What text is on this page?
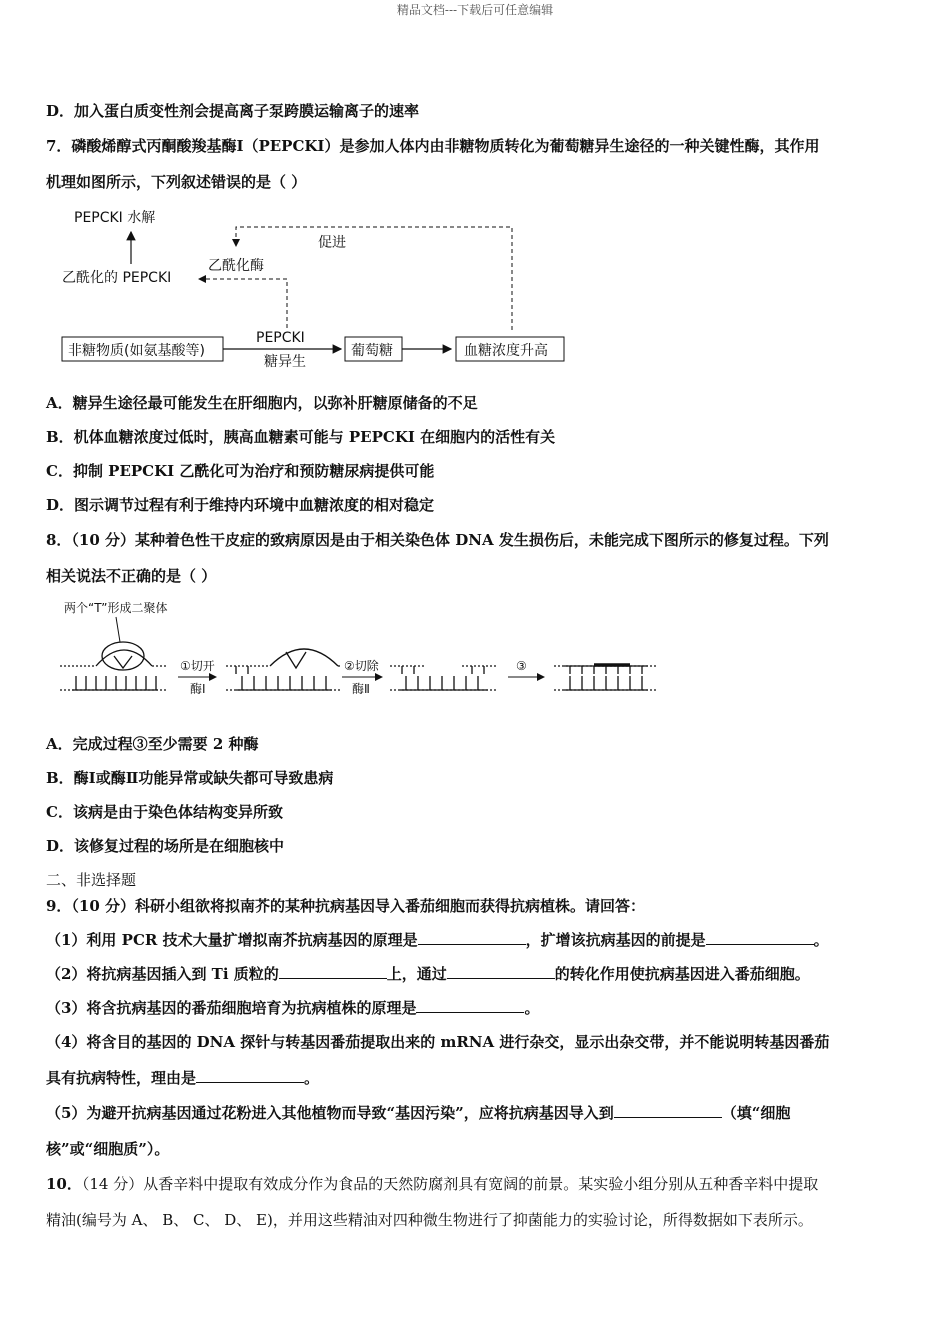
精品文档---下载后可任意编辑
D．加入蛋白质变性剂会提高离子泵跨膜运输离子的速率
7．磷酸烯醇式丙酮酸羧基酶Ⅰ（PEPCKI）是参加人体内由非糖物质转化为葡萄糖异生途径的一种关键性酶，其作用
机理如图所示，下列叙述错误的是（ ）
PEPCKI 水解
乙酰化的 PEPCKI
乙酰化酶
促进
非糖物质(如氨基酸等)
PEPCKI
糖异生
葡萄糖	血糖浓度升高
A．糖异生途径最可能发生在肝细胞内，以弥补肝糖原储备的不足
B．机体血糖浓度过低时，胰高血糖素可能与 PEPCKI 在细胞内的活性有关
C．抑制 PEPCKI 乙酰化可为治疗和预防糖尿病提供可能
D．图示调节过程有利于维持内环境中血糖浓度的相对稳定
8．（10 分）某种着色性干皮症的致病原因是由于相关染色体 DNA 发生损伤后，未能完成下图所示的修复过程。下列
相关说法不正确的是（ ）
两个“T”形成二聚体
①切开
酶Ⅰ
②切除
酶Ⅱ
③
A．完成过程③至少需要 2 种酶
B．酶Ⅰ或酶Ⅱ功能异常或缺失都可导致患病
C．该病是由于染色体结构变异所致
D．该修复过程的场所是在细胞核中
二、非选择题
9．（10 分）科研小组欲将拟南芥的某种抗病基因导入番茄细胞而获得抗病植株。请回答：
（1）利用 PCR 技术大量扩增拟南芥抗病基因的原理是	，扩增该抗病基因的前提是	。
（2）将抗病基因插入到 Ti 质粒的	上，通过	的转化作用使抗病基因进入番茄细胞。
（3）将含抗病基因的番茄细胞培育为抗病植株的原理是	。
（4）将含目的基因的 DNA 探针与转基因番茄提取出来的 mRNA 进行杂交，显示出杂交带，并不能说明转基因番茄
具有抗病特性，理由是	。
（5）为避开抗病基因通过花粉进入其他植物而导致“基因污染”，应将抗病基因导入到	（填“细胞
核”或“细胞质”）。
10．（14 分）从香辛料中提取有效成分作为食品的天然防腐剂具有宽阔的前景。某实验小组分别从五种香辛料中提取
精油(编号为 A、 B、 C、 D、 E)，并用这些精油对四种微生物进行了抑菌能力的实验讨论，所得数据如下表所示。
